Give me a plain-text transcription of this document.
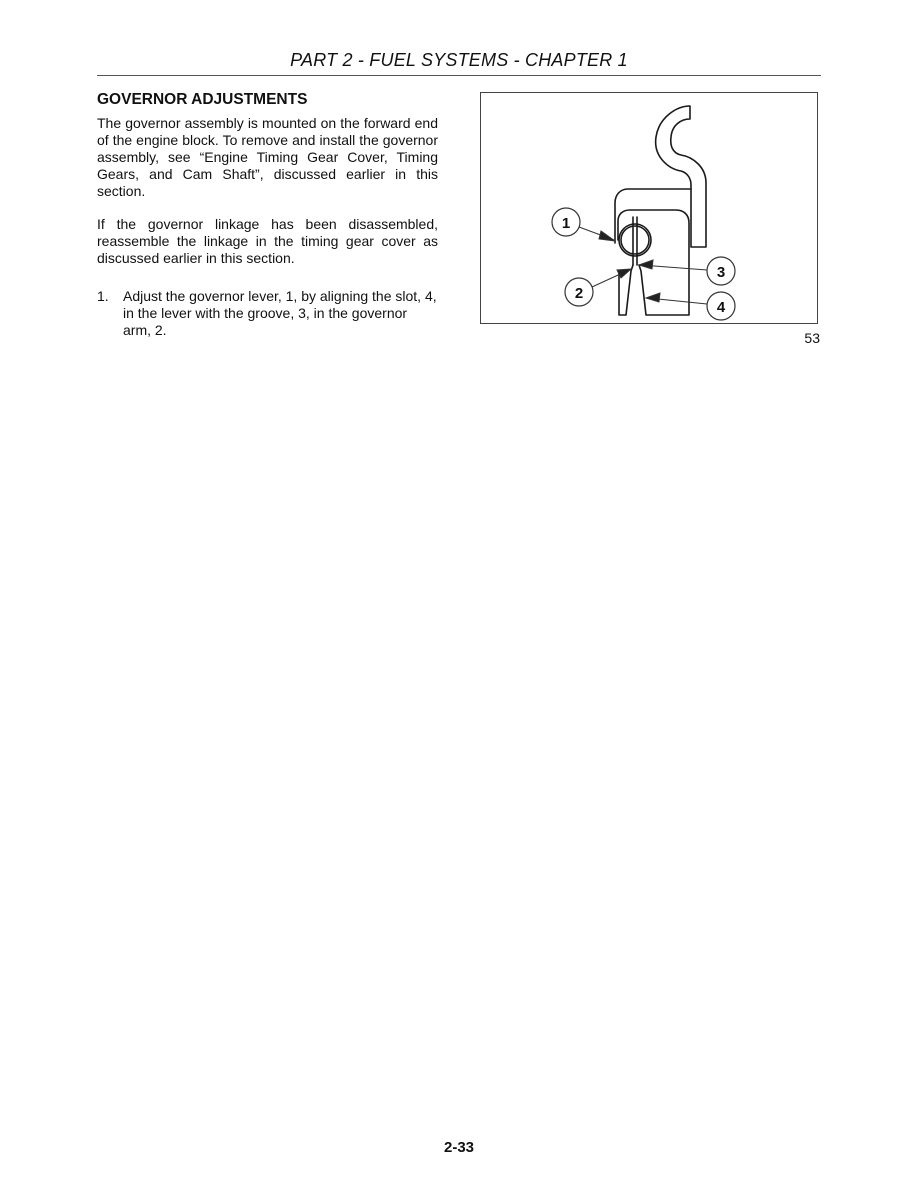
PART 2 - FUEL SYSTEMS - CHAPTER 1
GOVERNOR ADJUSTMENTS
The governor assembly is mounted on the forward end of the engine block. To remove and install the governor assembly, see “Engine Timing Gear Cover, Timing Gears, and Cam Shaft”, discussed earlier in this section.
If the governor linkage has been disassembled, reassemble the linkage in the timing gear cover as discussed earlier in this section.
1. Adjust the governor lever, 1, by aligning the slot, 4, in the lever with the groove, 3, in the governor arm, 2.
1
2
3
4
53
2-33
